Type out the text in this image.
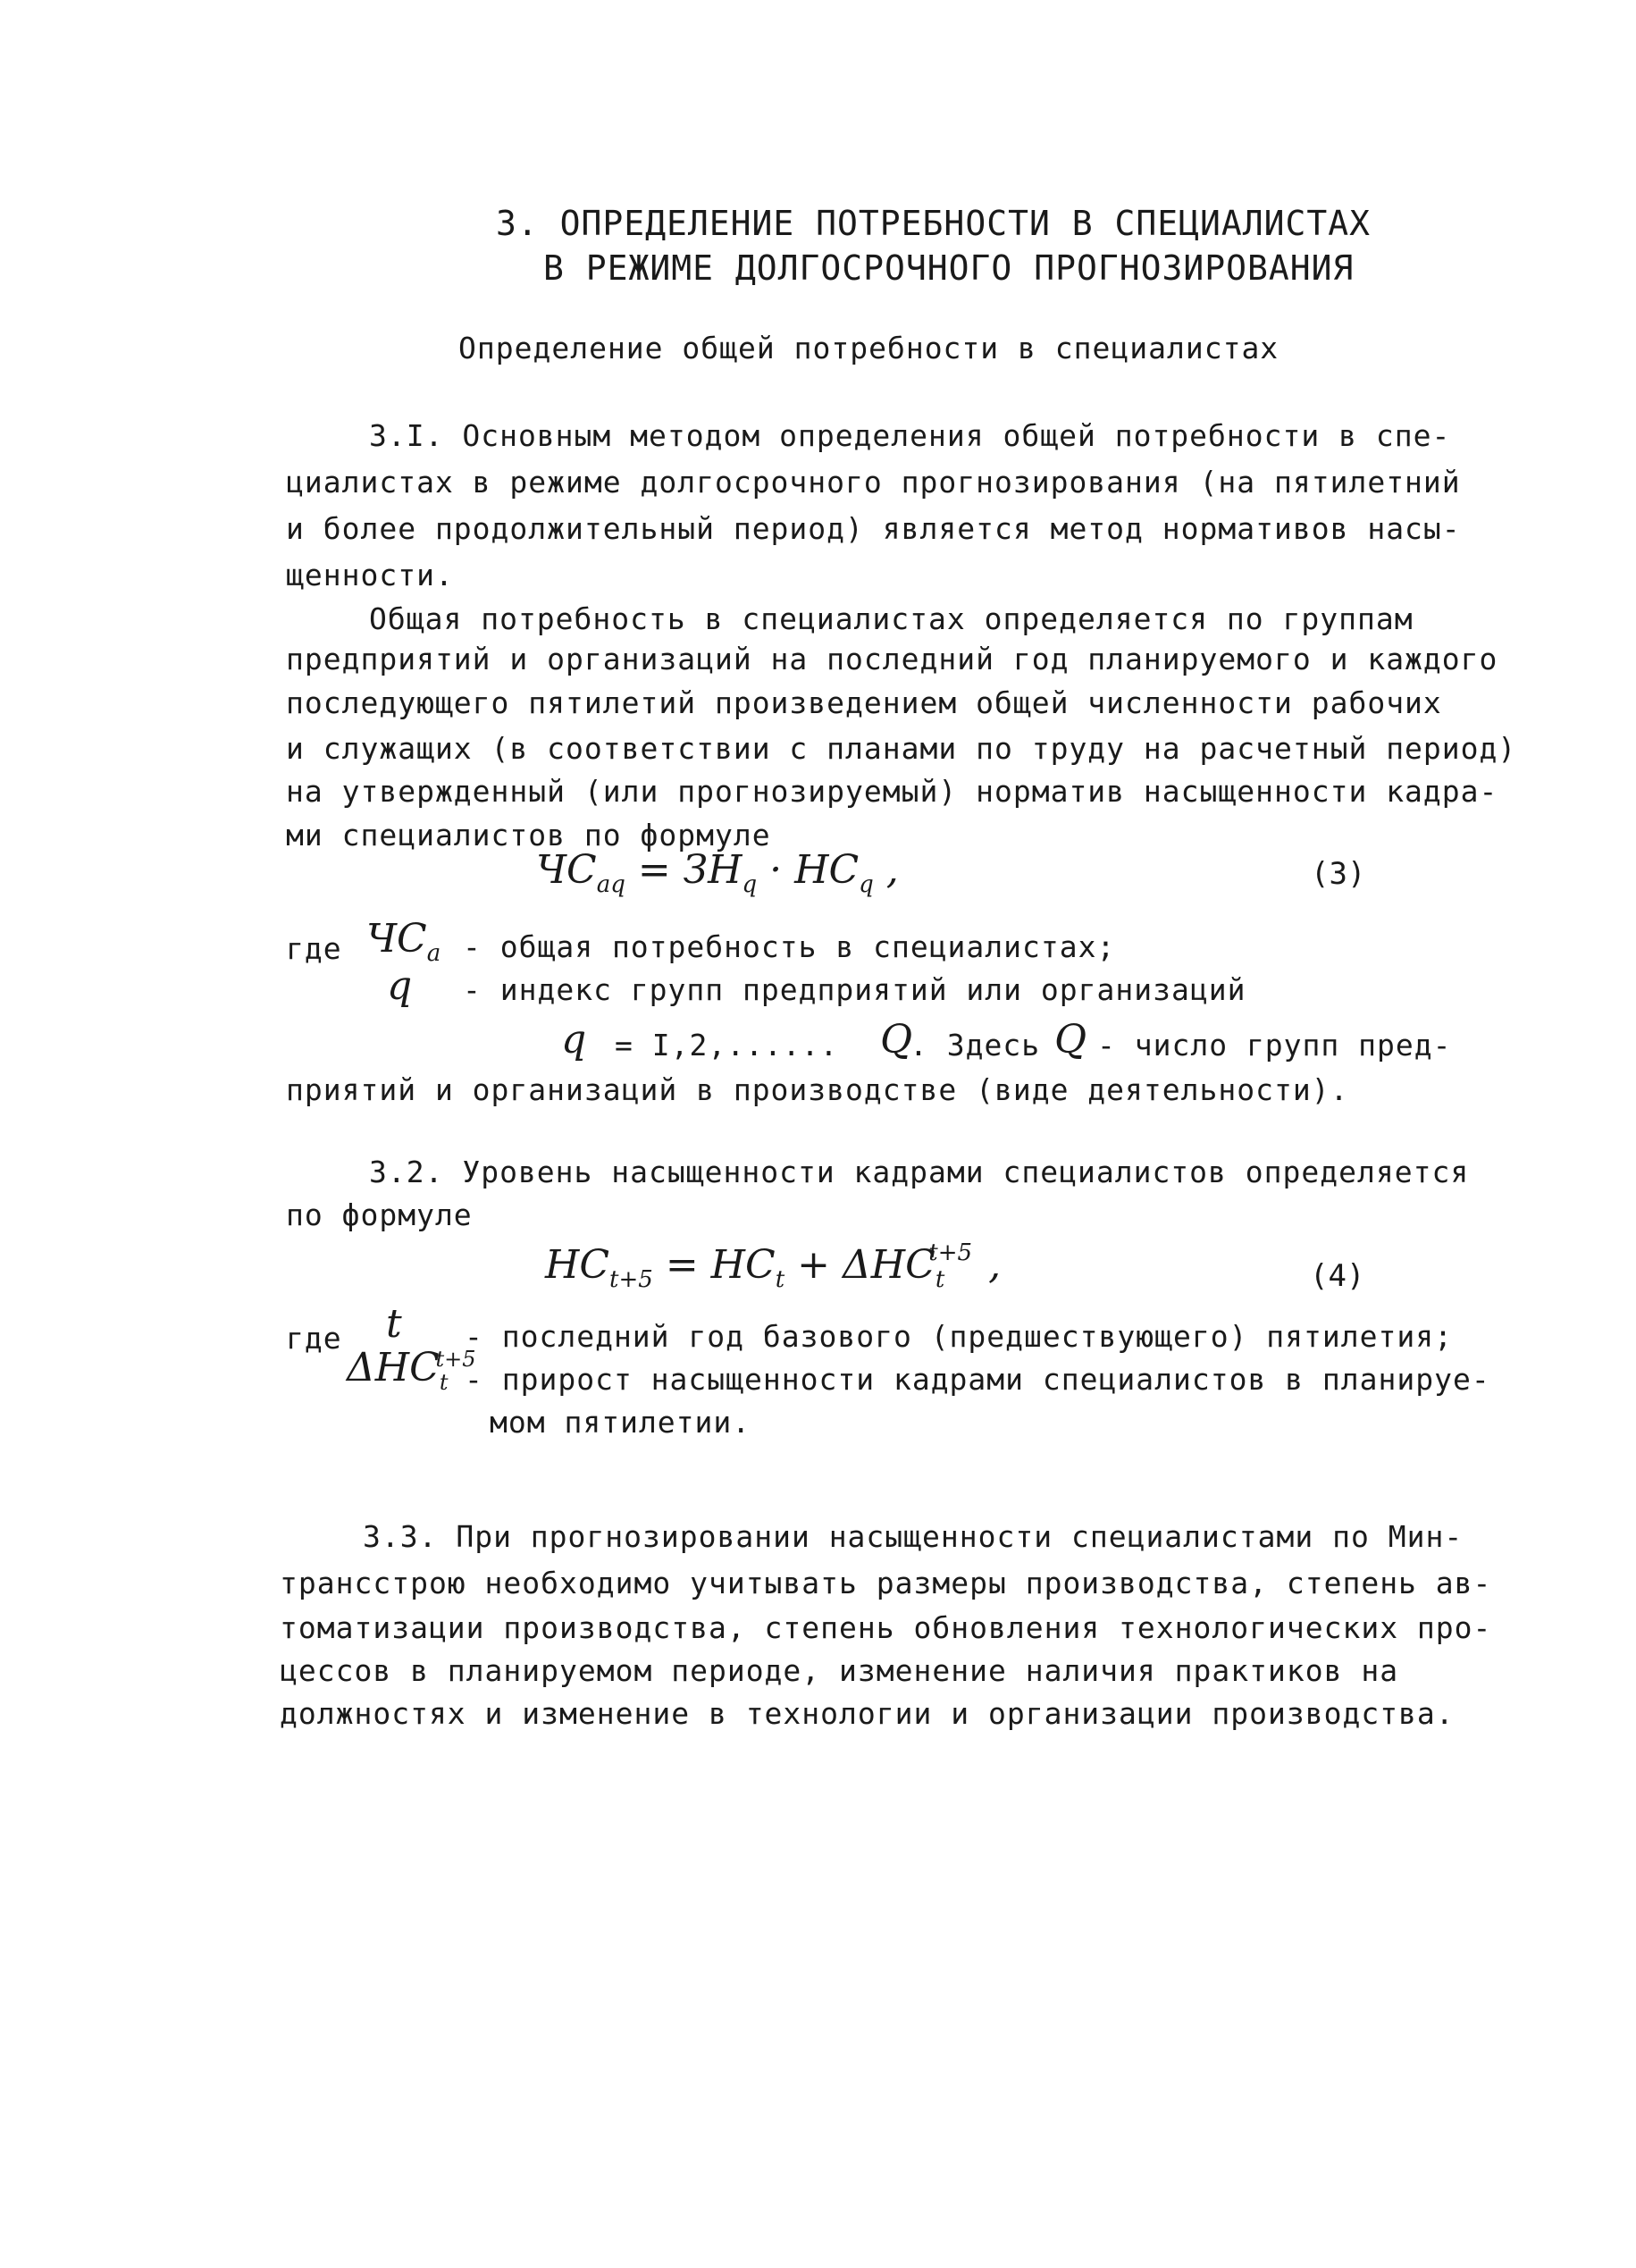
3. ОПРЕДЕЛЕНИЕ ПОТРЕБНОСТИ В СПЕЦИАЛИСТАХ
В РЕЖИМЕ ДОЛГОСРОЧНОГО ПРОГНОЗИРОВАНИЯ
Определение общей потребности в специалистах
3.I. Основным методом определения общей потребности в спе-
циалистах в режиме долгосрочного прогнозирования (на пятилетний
и более продолжительный период) является метод нормативов насы-
щенности.
Общая потребность в специалистах определяется по группам
предприятий и организаций на последний год планируемого и каждого
последующего пятилетий произведением общей численности рабочих
и служащих (в соответствии с планами по труду на расчетный период)
на утвержденный (или прогнозируемый) норматив насыщенности кадра-
ми специалистов по формуле
$ЧC_{aq} = ЗH_q \cdot HC_q$ ,	(3)
где $ЧC_a$ - общая потребность в специалистах;
q - индекс групп предприятий или организаций
q = I,2,...... Q
. Здесь Q - число групп пред-
приятий и организаций в производстве (виде деятельности).
3.2. Уровень насыщенности кадрами специалистов определяется
по формуле
$HC_{t+5} = HC_t + \Delta HC_t^{t+5}$ ,	(4)
где t - последний год базового (предшествующего) пятилетия;
$\Delta HC_t^{t+5}$
- прирост насыщенности кадрами специалистов в планируе-
мом пятилетии.
3.3. При прогнозировании насыщенности специалистами по Мин-
трансстрою необходимо учитывать размеры производства, степень ав-
томатизации производства, степень обновления технологических про-
цессов в планируемом периоде, изменение наличия практиков на
должностях и изменение в технологии и организации производства.
